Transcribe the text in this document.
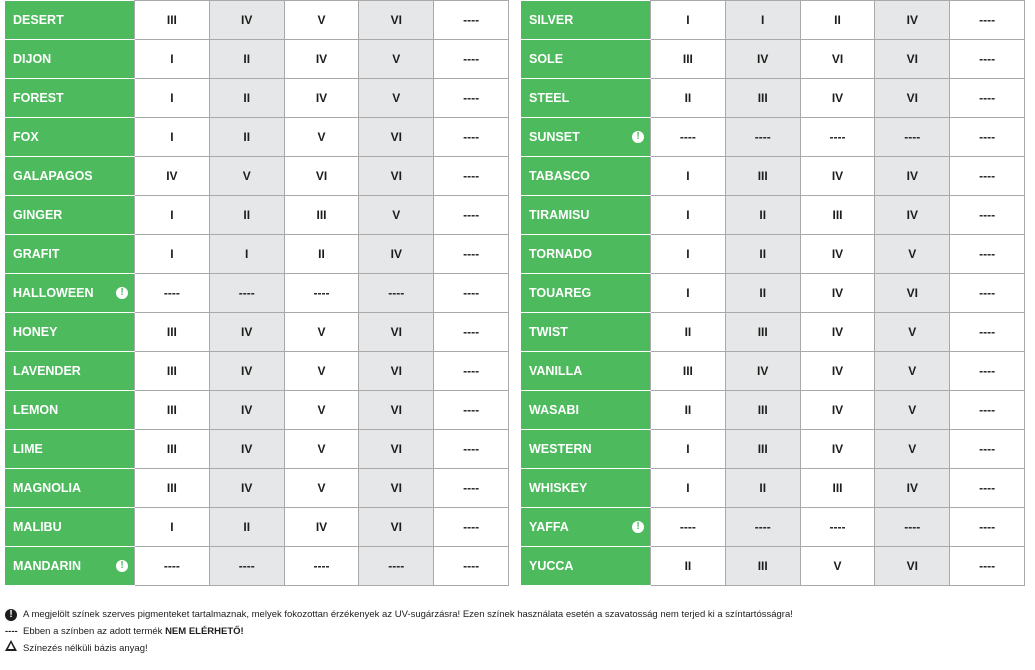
DESERT	III	IV	V	VI	----
DIJON	I	II	IV	V	----
FOREST	I	II	IV	V	----
FOX	I	II	V	VI	----
GALAPAGOS	IV	V	VI	VI	----
GINGER	I	II	III	V	----
GRAFIT	I	I	II	IV	----
HALLOWEEN !	----	----	----	----	----
HONEY	III	IV	V	VI	----
LAVENDER	III	IV	V	VI	----
LEMON	III	IV	V	VI	----
LIME	III	IV	V	VI	----
MAGNOLIA	III	IV	V	VI	----
MALIBU	I	II	IV	VI	----
MANDARIN !	----	----	----	----	----
SILVER	I	I	II	IV	----
SOLE	III	IV	VI	VI	----
STEEL	II	III	IV	VI	----
SUNSET !	----	----	----	----	----
TABASCO	I	III	IV	IV	----
TIRAMISU	I	II	III	IV	----
TORNADO	I	II	IV	V	----
TOUAREG	I	II	IV	VI	----
TWIST	II	III	IV	V	----
VANILLA	III	IV	IV	V	----
WASABI	II	III	IV	V	----
WESTERN	I	III	IV	V	----
WHISKEY	I	II	III	IV	----
YAFFA !	----	----	----	----	----
YUCCA	II	III	V	VI	----
!	A megjelölt színek szerves pigmenteket tartalmaznak, melyek fokozottan érzékenyek az UV-sugárzásra! Ezen színek használata esetén a szavatosság nem terjed ki a színtartósságra!
---- Ebben a színben az adott termék NEM ELÉRHETŐ!
Színezés nélküli bázis anyag!
